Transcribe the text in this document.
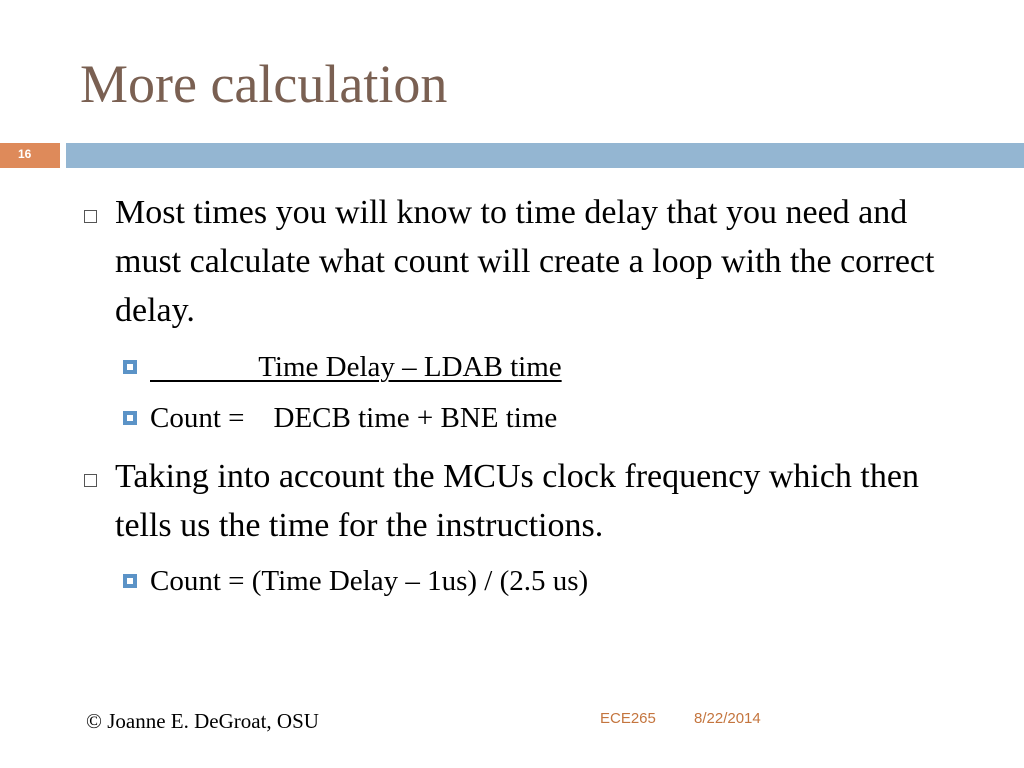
More calculation
16
Most times you will know to time delay that you need and must calculate what count will create a loop with the correct delay.
Time Delay – LDAB time
Count =    DECB time + BNE time
Taking into account the MCUs clock frequency which then tells us the time for the instructions.
Count = (Time Delay – 1us) / (2.5 us)
© Joanne E. DeGroat, OSU	ECE265	8/22/2014
